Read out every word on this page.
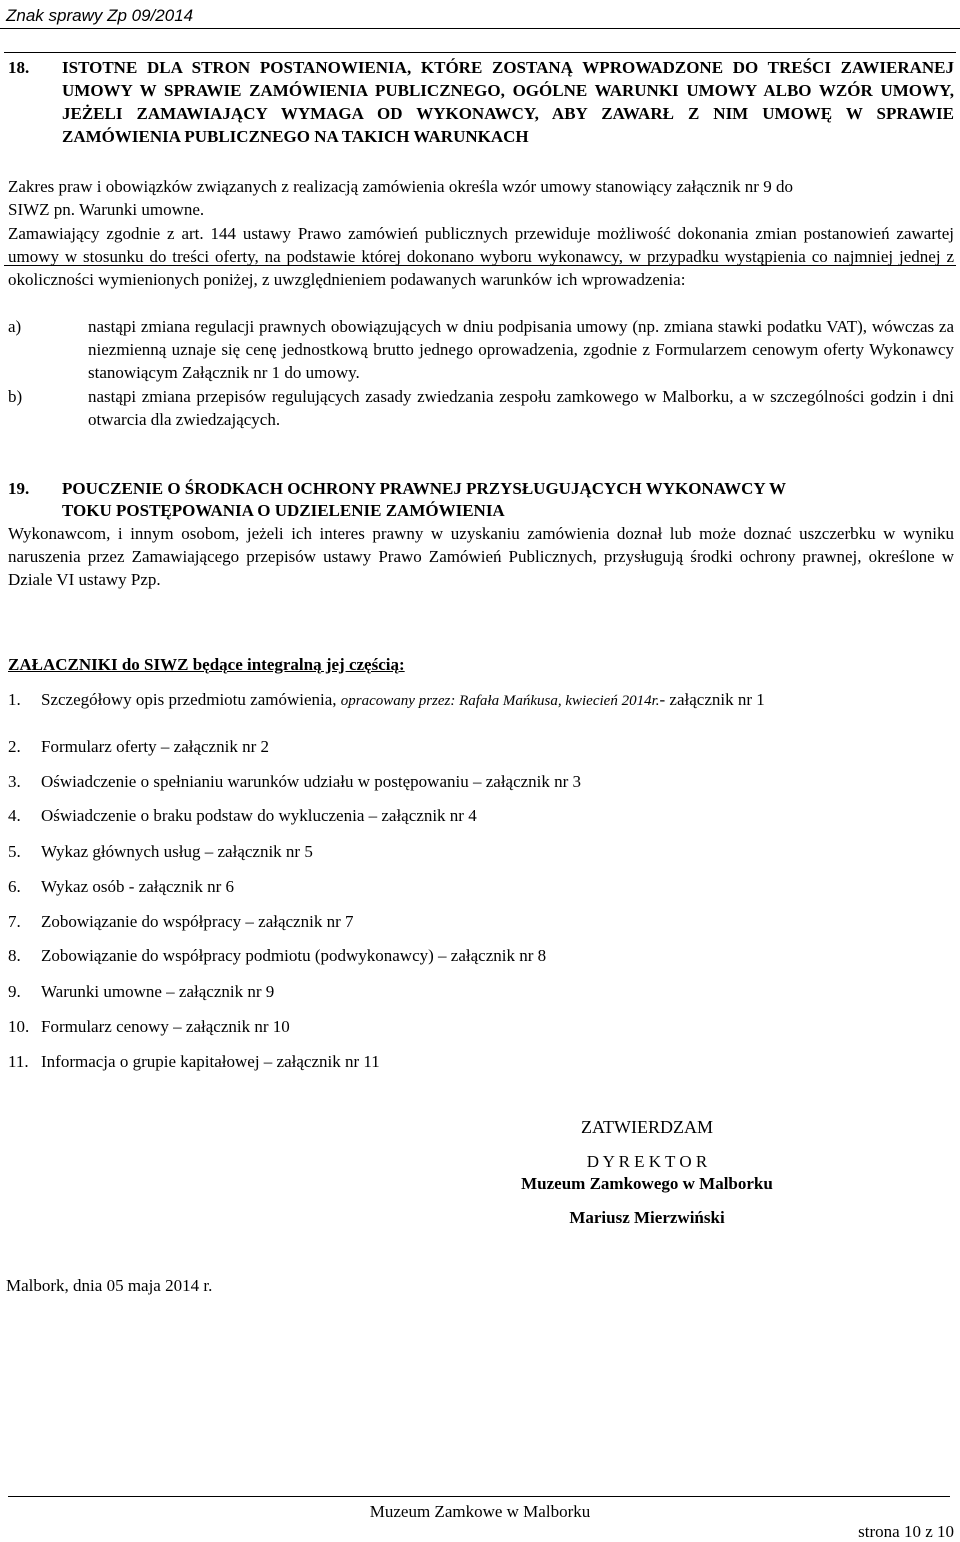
Znak sprawy Zp 09/2014
18. ISTOTNE DLA STRON POSTANOWIENIA, KTÓRE ZOSTANĄ WPROWADZONE DO TREŚCI ZAWIERANEJ UMOWY W SPRAWIE ZAMÓWIENIA PUBLICZNEGO, OGÓLNE WARUNKI UMOWY ALBO WZÓR UMOWY, JEŻELI ZAMAWIAJĄCY WYMAGA OD WYKONAWCY, ABY ZAWARŁ Z NIM UMOWĘ W SPRAWIE ZAMÓWIENIA PUBLICZNEGO NA TAKICH WARUNKACH
Zakres praw i obowiązków związanych z realizacją zamówienia określa wzór umowy stanowiący załącznik nr 9 do
SIWZ pn. Warunki umowne.
Zamawiający zgodnie z art. 144 ustawy Prawo zamówień publicznych przewiduje możliwość dokonania zmian postanowień zawartej umowy w stosunku do treści oferty, na podstawie której dokonano wyboru wykonawcy, w przypadku wystąpienia co najmniej jednej z okoliczności wymienionych poniżej, z uwzględnieniem podawanych warunków ich wprowadzenia:
a)	nastąpi zmiana regulacji prawnych obowiązujących w dniu podpisania umowy (np. zmiana stawki podatku VAT), wówczas za niezmienną uznaje się cenę jednostkową brutto jednego oprowadzenia, zgodnie z Formularzem cenowym oferty Wykonawcy stanowiącym Załącznik nr 1 do umowy.
b)	nastąpi zmiana przepisów regulujących zasady zwiedzania zespołu zamkowego w Malborku, a w szczególności godzin i dni otwarcia dla zwiedzających.
19. POUCZENIE O ŚRODKACH OCHRONY PRAWNEJ PRZYSŁUGUJĄCYCH WYKONAWCY W
TOKU POSTĘPOWANIA O UDZIELENIE ZAMÓWIENIA
Wykonawcom, i innym osobom, jeżeli ich interes prawny w uzyskaniu zamówienia doznał lub może doznać uszczerbku w wyniku naruszenia przez Zamawiającego przepisów ustawy Prawo Zamówień Publicznych, przysługują środki ochrony prawnej, określone w Dziale VI ustawy Pzp.
ZAŁACZNIKI do SIWZ będące integralną jej częścią:
1. Szczegółowy opis przedmiotu zamówienia, opracowany przez: Rafała Mańkusa, kwiecień 2014r.- załącznik nr 1
2. Formularz oferty – załącznik nr 2
3. Oświadczenie o spełnianiu warunków udziału w postępowaniu – załącznik nr 3
4. Oświadczenie o braku podstaw do wykluczenia – załącznik nr 4
5. Wykaz głównych usług – załącznik nr 5
6. Wykaz osób - załącznik nr 6
7. Zobowiązanie do współpracy – załącznik nr 7
8. Zobowiązanie do współpracy podmiotu (podwykonawcy) – załącznik nr 8
9. Warunki umowne – załącznik nr 9
10. Formularz cenowy – załącznik nr 10
11. Informacja o grupie kapitałowej – załącznik nr 11
ZATWIERDZAM
D Y R E K T O R
Muzeum Zamkowego w Malborku
Mariusz Mierzwiński
Malbork, dnia 05 maja 2014 r.
Muzeum Zamkowe w Malborku
strona 10 z 10
